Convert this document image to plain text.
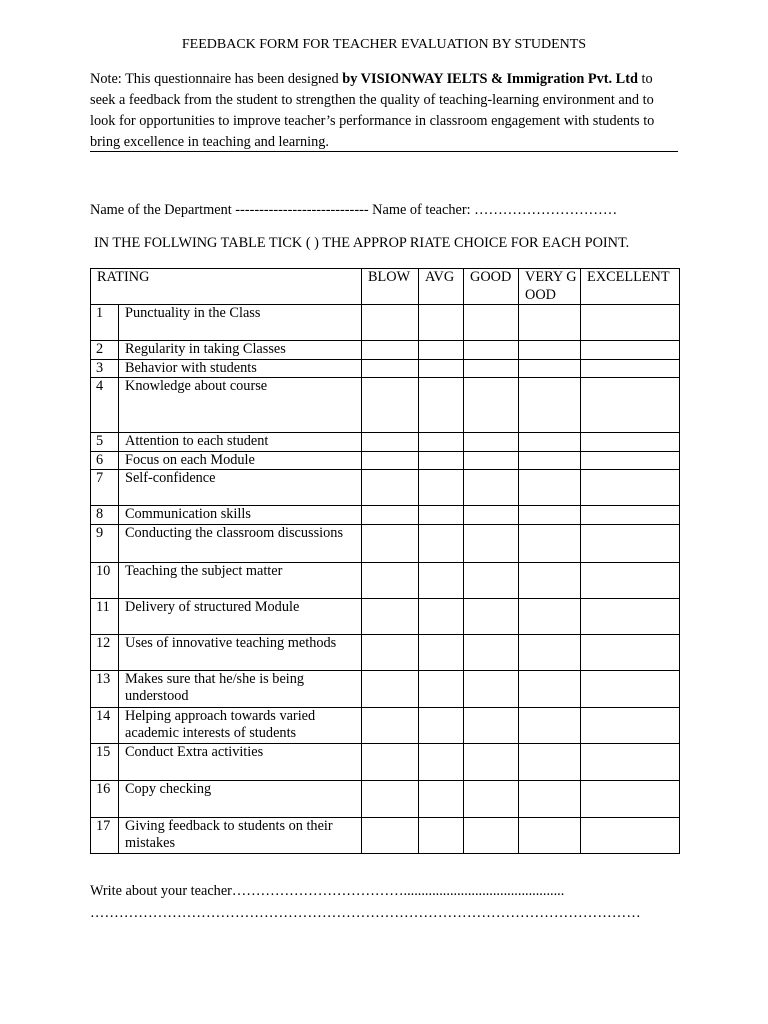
FEEDBACK FORM FOR TEACHER EVALUATION BY STUDENTS
Note: This questionnaire has been designed by VISIONWAY IELTS & Immigration Pvt. Ltd to seek a feedback from the student to strengthen the quality of teaching-learning environment and to look for opportunities to improve teacher’s performance in classroom engagement with students to bring excellence in teaching and learning.
Name of the Department ---------------------------- Name of teacher: …………………………
IN THE FOLLWING TABLE TICK ( ) THE APPROP RIATE CHOICE FOR EACH POINT.
RATING		BLOW	AVG	GOOD	VERY GOOD	EXCELLENT
1	Punctuality in the Class					
2	Regularity in taking Classes					
3	Behavior with students					
4	Knowledge about course					
5	Attention to each student					
6	Focus on each Module					
7	Self-confidence					
8	Communication skills					
9	Conducting the classroom discussions					
10	Teaching the subject matter					
11	Delivery of structured Module					
12	Uses of innovative teaching methods					
13	Makes sure that he/she is being understood					
14	Helping approach towards varied academic interests of students					
15	Conduct Extra activities					
16	Copy checking					
17	Giving feedback to students on their mistakes					
Write about your teacher……………………………….............................................
……………………………………………………………………………………………………
